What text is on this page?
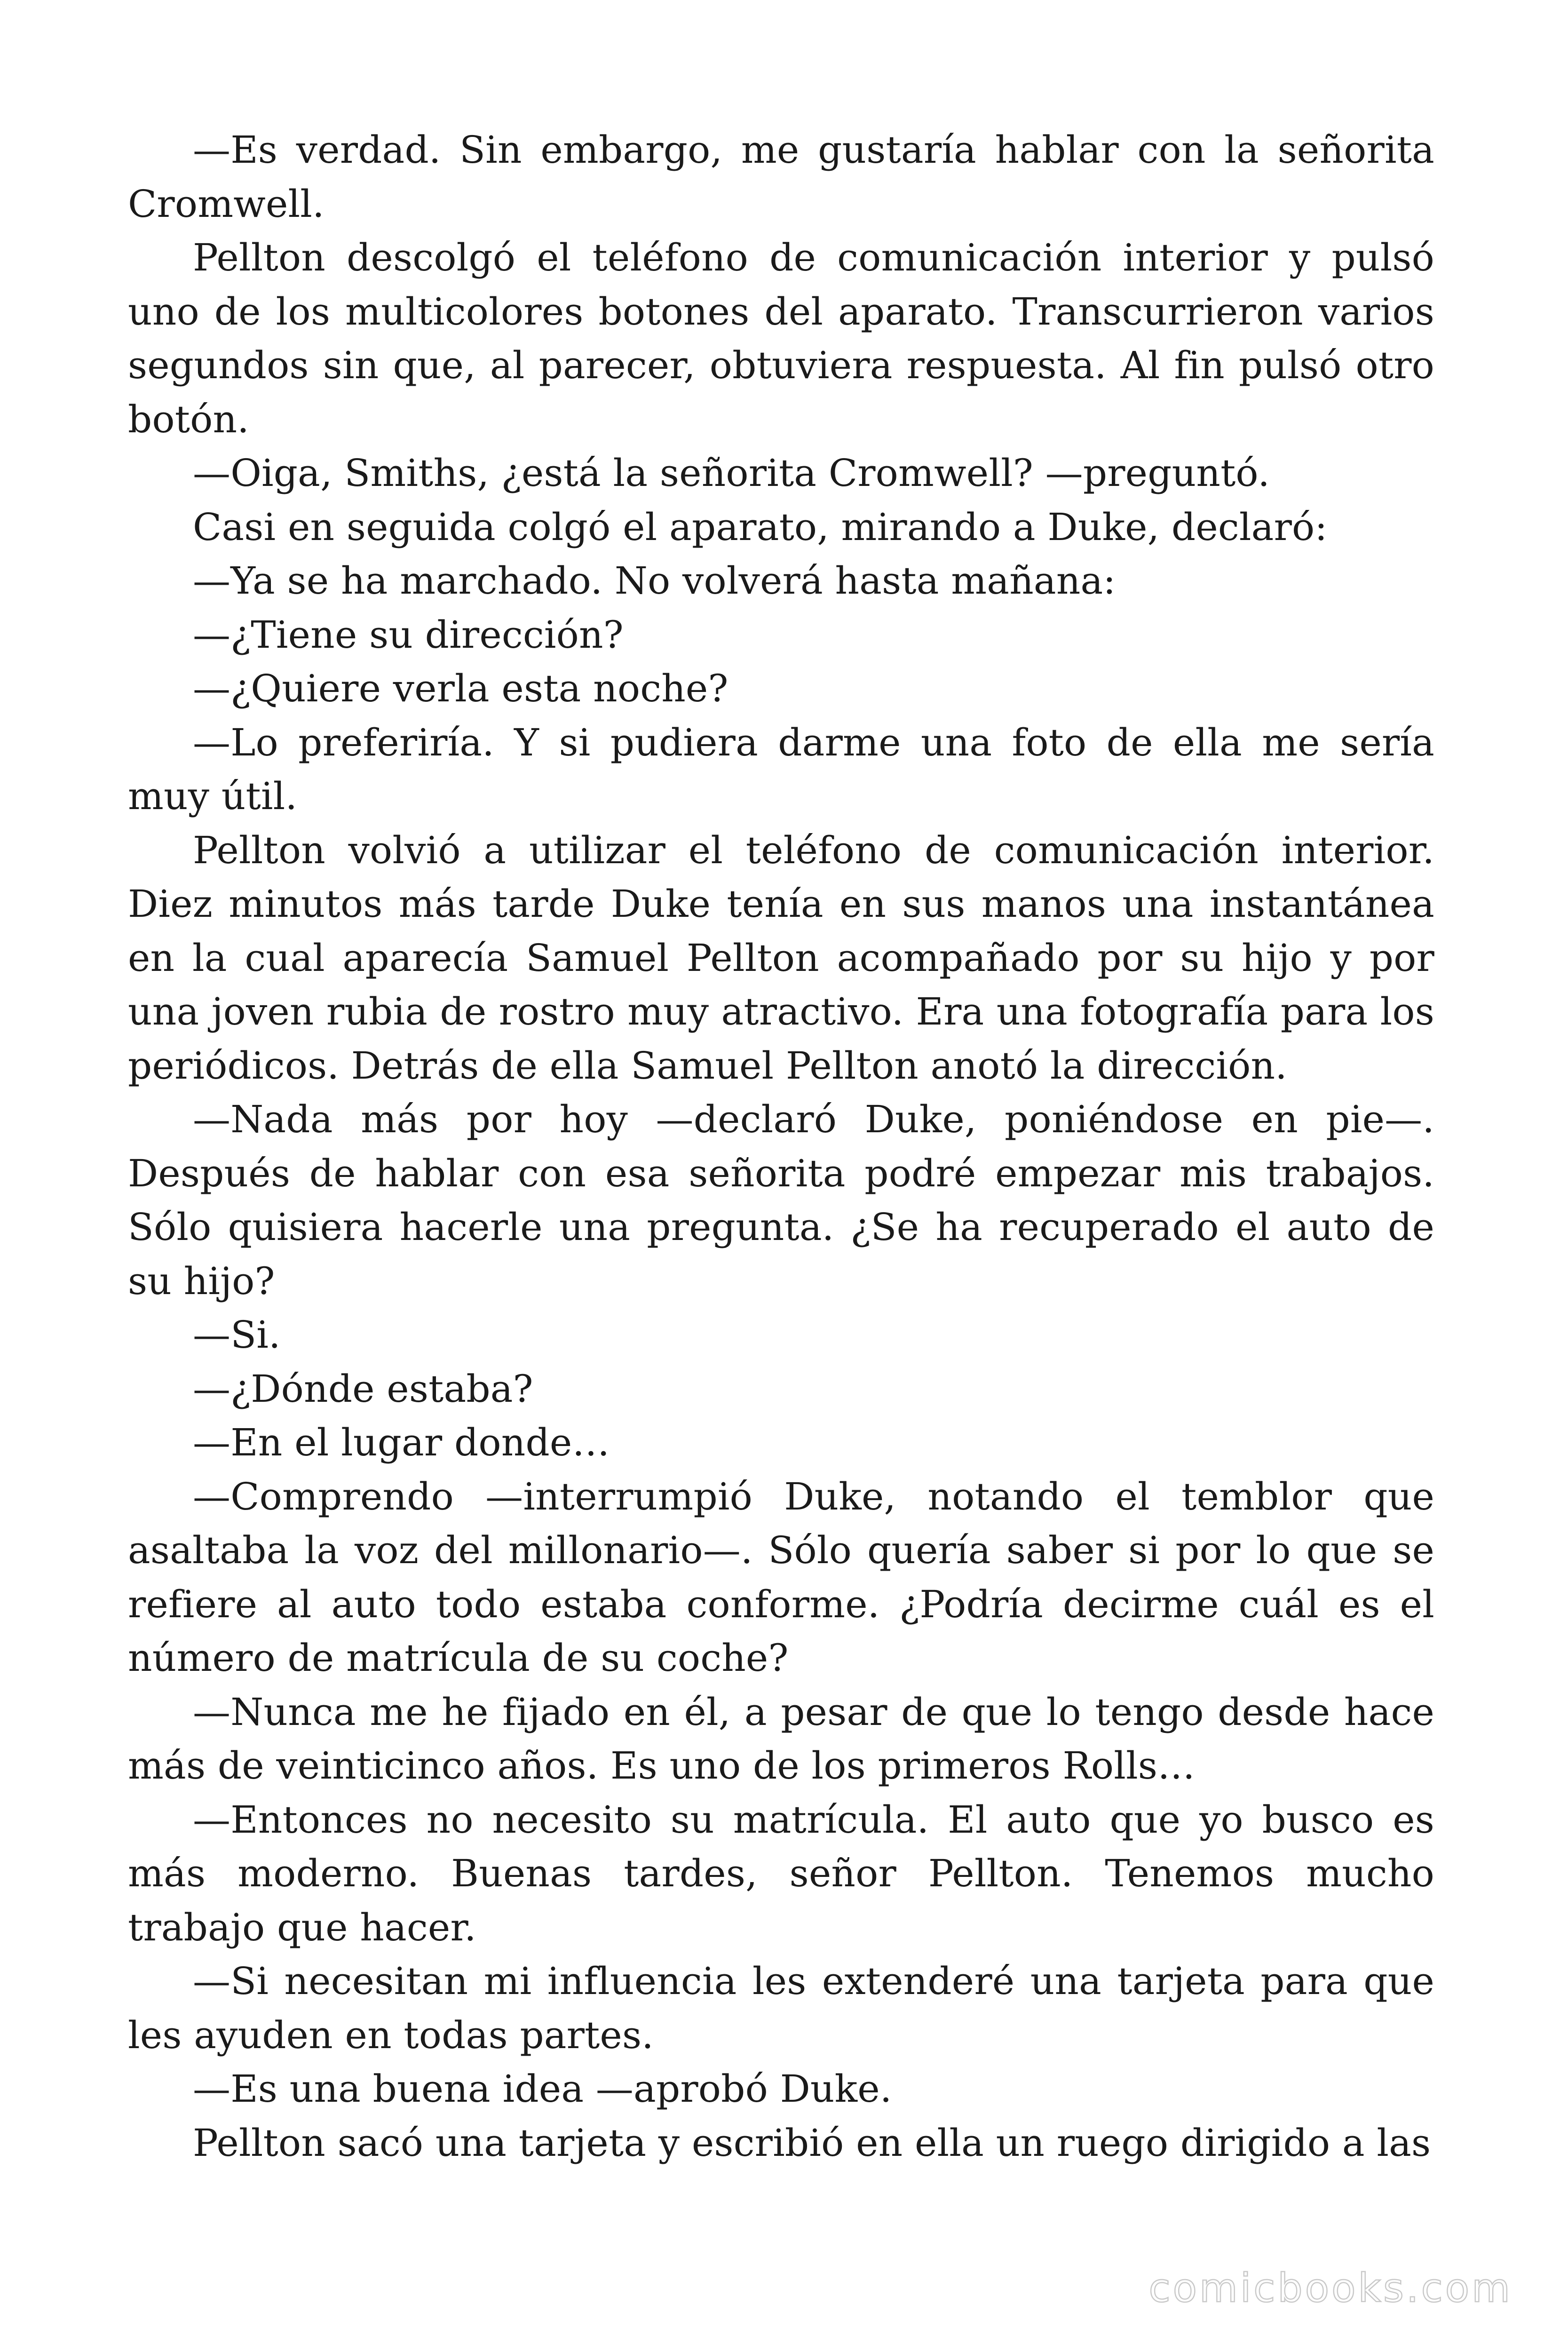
—Es verdad. Sin embargo, me gustaría hablar con la señorita Cromwell.

Pellton descolgó el teléfono de comunicación interior y pulsó uno de los multicolores botones del aparato. Transcurrieron varios segundos sin que, al parecer, obtuviera respuesta. Al fin pulsó otro botón.

—Oiga, Smiths, ¿está la señorita Cromwell? —preguntó.

Casi en seguida colgó el aparato, mirando a Duke, declaró:

—Ya se ha marchado. No volverá hasta mañana:

—¿Tiene su dirección?

—¿Quiere verla esta noche?

—Lo preferiría. Y si pudiera darme una foto de ella me sería muy útil.

Pellton volvió a utilizar el teléfono de comunicación interior. Diez minutos más tarde Duke tenía en sus manos una instantánea en la cual aparecía Samuel Pellton acompañado por su hijo y por una joven rubia de rostro muy atractivo. Era una fotografía para los periódicos. Detrás de ella Samuel Pellton anotó la dirección.

—Nada más por hoy —declaró Duke, poniéndose en pie—. Después de hablar con esa señorita podré empezar mis trabajos. Sólo quisiera hacerle una pregunta. ¿Se ha recuperado el auto de su hijo?

—Si.

—¿Dónde estaba?

—En el lugar donde…

—Comprendo —interrumpió Duke, notando el temblor que asaltaba la voz del millonario—. Sólo quería saber si por lo que se refiere al auto todo estaba conforme. ¿Podría decirme cuál es el número de matrícula de su coche?

—Nunca me he fijado en él, a pesar de que lo tengo desde hace más de veinticinco años. Es uno de los primeros Rolls…

—Entonces no necesito su matrícula. El auto que yo busco es más moderno. Buenas tardes, señor Pellton. Tenemos mucho trabajo que hacer.

—Si necesitan mi influencia les extenderé una tarjeta para que les ayuden en todas partes.

—Es una buena idea —aprobó Duke.

Pellton sacó una tarjeta y escribió en ella un ruego dirigido a las

comicbooks.com
